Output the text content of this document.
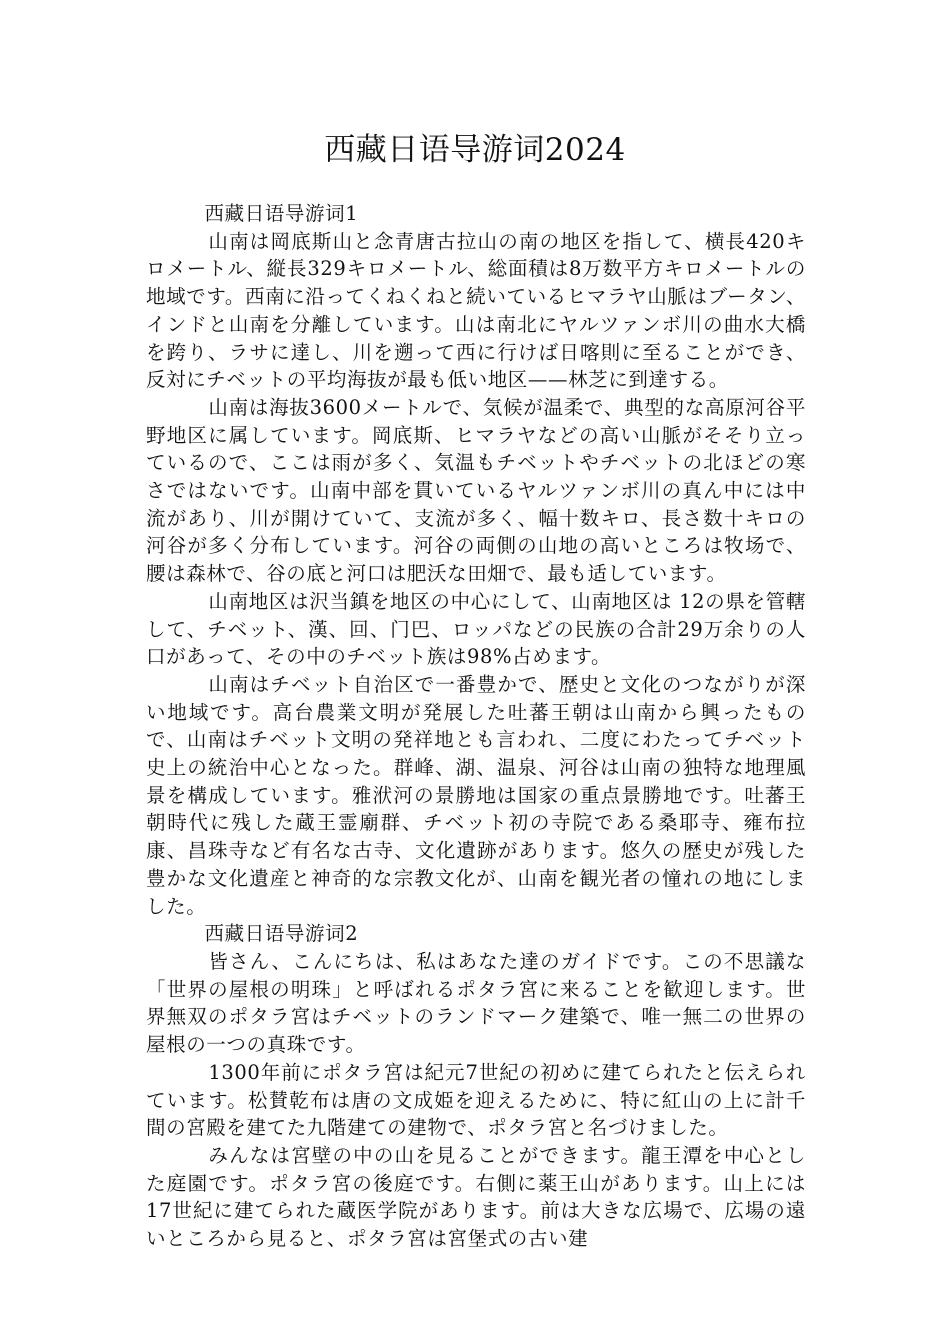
西藏日语导游词2024
西藏日语导游词1

山南は岡底斯山と念青唐古拉山の南の地区を指して、横長420キロメートル、縦長329キロメートル、総面積は8万数平方キロメートルの地域です。西南に沿ってくねくねと続いているヒマラヤ山脈はブータン、インドと山南を分離しています。山は南北にヤルツァンボ川の曲水大橋を跨り、ラサに達し、川を遡って西に行けば日喀則に至ることができ、反対にチベットの平均海抜が最も低い地区——林芝に到達する。

山南は海抜3600メートルで、気候が温柔で、典型的な高原河谷平野地区に属しています。岡底斯、ヒマラヤなどの高い山脈がそそり立っているので、ここは雨が多く、気温もチベットやチベットの北ほどの寒さではないです。山南中部を貫いているヤルツァンボ川の真ん中には中流があり、川が開けていて、支流が多く、幅十数キロ、長さ数十キロの河谷が多く分布しています。河谷の両側の山地の高いところは牧场で、腰は森林で、谷の底と河口は肥沃な田畑で、最も适しています。

山南地区は沢当鎮を地区の中心にして、山南地区は 12の県を管轄して、チベット、漢、回、门巴、ロッパなどの民族の合計29万余りの人口があって、その中のチベット族は98%占めます。

山南はチベット自治区で一番豊かで、歴史と文化のつながりが深い地域です。高台農業文明が発展した吐蕃王朝は山南から興ったもので、山南はチベット文明の発祥地とも言われ、二度にわたってチベット史上の統治中心となった。群峰、湖、温泉、河谷は山南の独特な地理風景を構成しています。雅洑河の景勝地は国家の重点景勝地です。吐蕃王朝時代に残した蔵王霊廟群、チベット初の寺院である桑耶寺、雍布拉康、昌珠寺など有名な古寺、文化遺跡があります。悠久の歴史が残した豊かな文化遺産と神奇的な宗教文化が、山南を観光者の憧れの地にしました。

西藏日语导游词2

皆さん、こんにちは、私はあなた達のガイドです。この不思議な「世界の屋根の明珠」と呼ばれるポタラ宮に来ることを歓迎します。世界無双のポタラ宮はチベットのランドマーク建築で、唯一無二の世界の屋根の一つの真珠です。

1300年前にポタラ宮は紀元7世紀の初めに建てられたと伝えられています。松賛乾布は唐の文成姫を迎えるために、特に紅山の上に計千間の宮殿を建てた九階建ての建物で、ポタラ宮と名づけました。

みんなは宮壁の中の山を見ることができます。龍王潭を中心とした庭園です。ポタラ宮の後庭です。右側に薬王山があります。山上には17世紀に建てられた蔵医学院があります。前は大きな広場で、広場の遠いところから見ると、ポタラ宮は宮堡式の古い建
